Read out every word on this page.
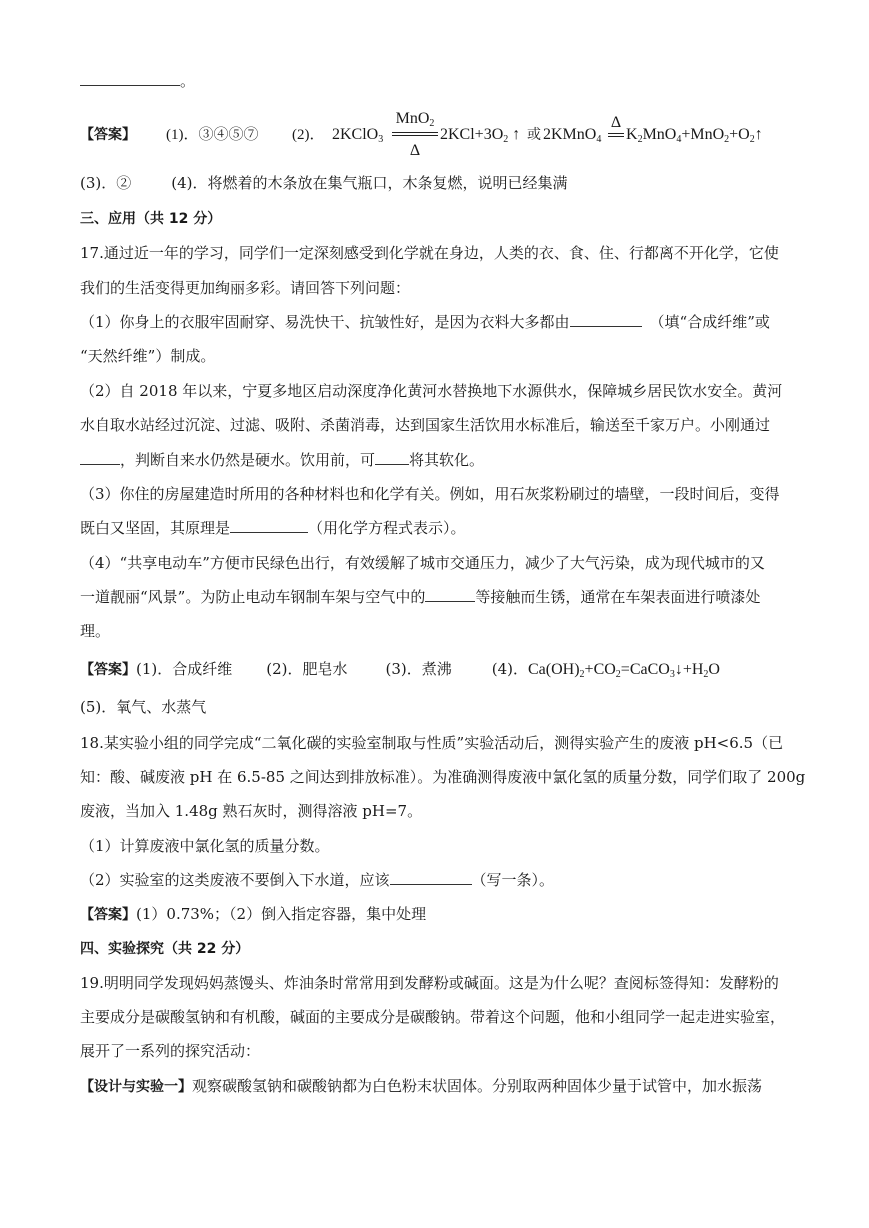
。
【答案】 (1)．③④⑤⑦ (2)． 2KClO$_3$
MnO$_2$
Δ
$2KCl+3O_2$ ↑ 或 2KMnO$_4$
Δ
$K_2MnO_4+MnO_2+O_2↑$
(3)．②	(4)．将燃着的木条放在集气瓶口，木条复燃，说明已经集满
三、应用（共 12 分）
17.通过近一年的学习，同学们一定深刻感受到化学就在身边，人类的衣、食、住、行都离不开化学，它使
我们的生活变得更加绚丽多彩。请回答下列问题：
（1）你身上的衣服牢固耐穿、易洗快干、抗皱性好，是因为衣料大多都由	（填“合成纤维”或
“天然纤维”）制成。
（2）自 2018 年以来，宁夏多地区启动深度净化黄河水替换地下水源供水，保障城乡居民饮水安全。黄河
水自取水站经过沉淀、过滤、吸附、杀菌消毒，达到国家生活饮用水标准后，输送至千家万户。小刚通过
，判断自来水仍然是硬水。饮用前，可 将其软化。
（3）你住的房屋建造时所用的各种材料也和化学有关。例如，用石灰浆粉刷过的墙壁，一段时间后，变得
既白又坚固，其原理是	（用化学方程式表示）。
（4）“共享电动车”方便市民绿色出行，有效缓解了城市交通压力，减少了大气污染，成为现代城市的又
一道靓丽“风景”。为防止电动车钢制车架与空气中的	等接触而生锈，通常在车架表面进行喷漆处
理。
【答案】(1)．合成纤维 (2)．肥皂水	(3)．煮沸	(4)．$Ca(OH)_2+CO_2=CaCO_3↓+H_2O$
(5)．氧气、水蒸气
18.某实验小组的同学完成“二氧化碳的实验室制取与性质”实验活动后，测得实验产生的废液 pH<6.5（已
知：酸、碱废液 pH 在 6.5-85 之间达到排放标准）。为准确测得废液中氯化氢的质量分数，同学们取了 200g
废液，当加入 1.48g 熟石灰时，测得溶液 pH=7。
（1）计算废液中氯化氢的质量分数。
（2）实验室的这类废液不要倒入下水道，应该	（写一条）。
【答案】(1）0.73%；（2）倒入指定容器，集中处理
四、实验探究（共 22 分）
19.明明同学发现妈妈蒸馒头、炸油条时常常用到发酵粉或碱面。这是为什么呢？查阅标签得知：发酵粉的
主要成分是碳酸氢钠和有机酸，碱面的主要成分是碳酸钠。带着这个问题，他和小组同学一起走进实验室，
展开了一系列的探究活动：
【设计与实验一】观察碳酸氢钠和碳酸钠都为白色粉末状固体。分别取两种固体少量于试管中，加水振荡
